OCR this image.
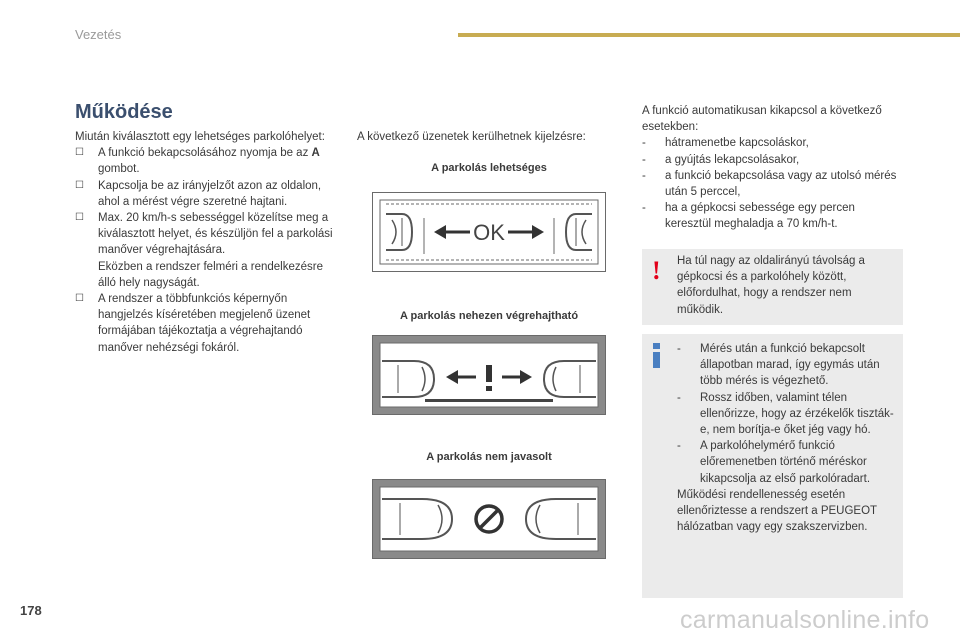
Vezetés
Működése

Miután kiválasztott egy lehetséges parkolóhelyet:

☐ A funkció bekapcsolásához nyomja be az A gombot.
☐ Kapcsolja be az irányjelzőt azon az oldalon, ahol a mérést végre szeretné hajtani.
☐ Max. 20 km/h-s sebességgel közelítse meg a kiválasztott helyet, és készüljön fel a parkolási manőver végrehajtására.
Eközben a rendszer felméri a rendelkezésre álló hely nagyságát.
☐ A rendszer a többfunkciós képernyőn hangjelzés kíséretében megjelenő üzenet formájában tájékoztatja a végrehajtandó manőver nehézségi fokáról.

A következő üzenetek kerülhetnek kijelzésre:

A parkolás lehetséges
OK
A parkolás nehezen végrehajtható
A parkolás nem javasolt

A funkció automatikusan kikapcsol a következő esetekben:

- hátramenetbe kapcsoláskor,
- a gyújtás lekapcsolásakor,
- a funkció bekapcsolása vagy az utolsó mérés után 5 perccel,
- ha a gépkocsi sebessége egy percen keresztül meghaladja a 70 km/h-t.
! Ha túl nagy az oldalirányú távolság a gépkocsi és a parkolóhely között, előfordulhat, hogy a rendszer nem működik.
- Mérés után a funkció bekapcsolt állapotban marad, így egymás után több mérés is végezhető.
- Rossz időben, valamint télen ellenőrizze, hogy az érzékelők tiszták-e, nem borítja-e őket jég vagy hó.
- A parkolóhelymérő funkció előremenetben történő méréskor kikapcsolja az első parkolóradart.

Működési rendellenesség esetén ellenőriztesse a rendszert a PEUGEOT hálózatban vagy egy szakszervizben.

178	carmanualsonline.info
